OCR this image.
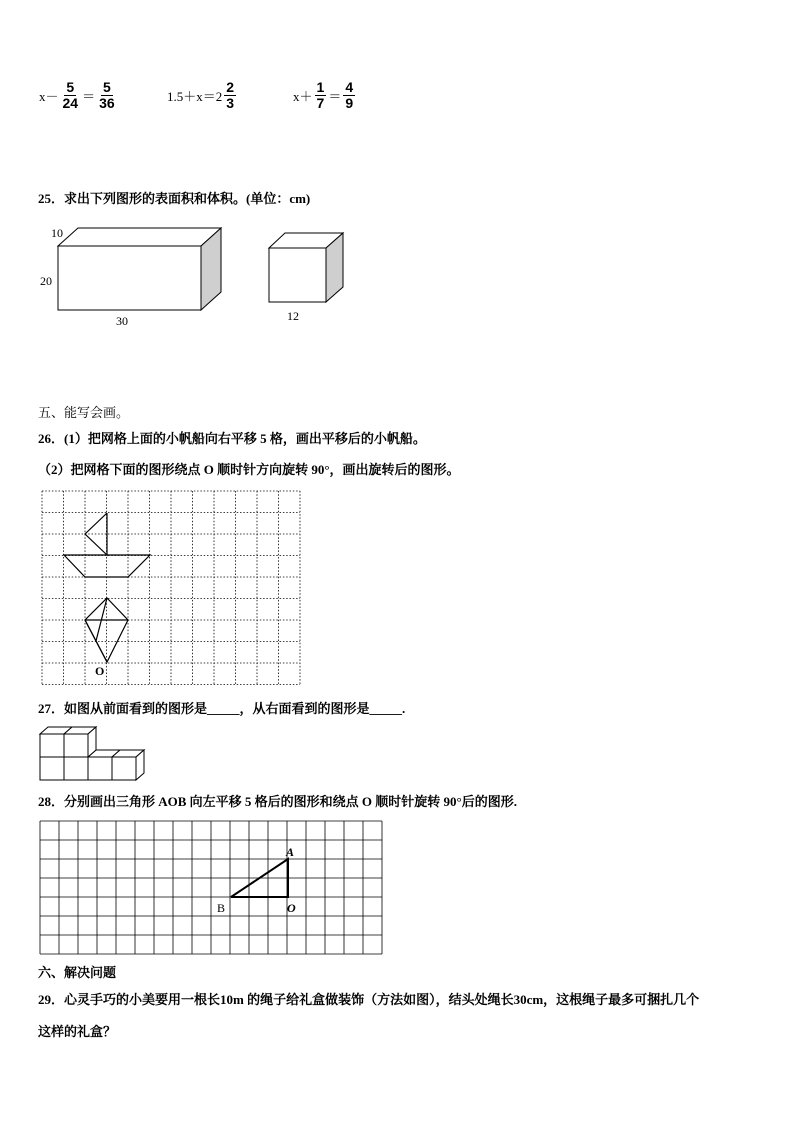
$x- \frac{5}{24} = \frac{5}{36}$	$1.5+x=2 \frac{2}{3}$	$x+ \frac{1}{7} = \frac{4}{9}$
25．求出下列图形的表面积和体积。(单位：cm)
10
20
30	12
五、能写会画。
26．(1）把网格上面的小帆船向右平移 5 格，画出平移后的小帆船。
（2）把网格下面的图形绕点 O 顺时针方向旋转 90°，画出旋转后的图形。
O
27．如图从前面看到的图形是_____，从右面看到的图形是_____.
28．分别画出三角形 AOB 向左平移 5 格后的图形和绕点 O 顺时针旋转 90°后的图形.
A
B	O
六、解决问题
29．心灵手巧的小美要用一根长10m 的绳子给礼盒做装饰（方法如图），结头处绳长30cm，这根绳子最多可捆扎几个
这样的礼盒？
